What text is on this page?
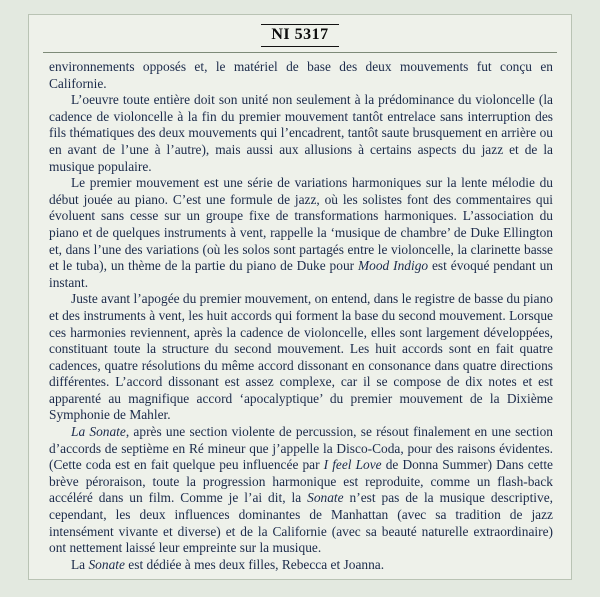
NI 5317

environnements opposés et, le matériel de base des deux mouvements fut conçu en Californie.

L’oeuvre toute entière doit son unité non seulement à la prédominance du violoncelle (la cadence de violoncelle à la fin du premier mouvement tantôt entrelace sans interruption des fils thématiques des deux mouvements qui l’encadrent, tantôt saute brusquement en arrière ou en avant de l’une à l’autre), mais aussi aux allusions à certains aspects du jazz et de la musique populaire.

Le premier mouvement est une série de variations harmoniques sur la lente mélodie du début jouée au piano. C’est une formule de jazz, où les solistes font des commentaires qui évoluent sans cesse sur un groupe fixe de transformations harmoniques. L’association du piano et de quelques instruments à vent, rappelle la ‘musique de chambre’ de Duke Ellington et, dans l’une des variations (où les solos sont partagés entre le violoncelle, la clarinette basse et le tuba), un thème de la partie du piano de Duke pour Mood Indigo est évoqué pendant un instant.

Juste avant l’apogée du premier mouvement, on entend, dans le registre de basse du piano et des instruments à vent, les huit accords qui forment la base du second mouvement. Lorsque ces harmonies reviennent, après la cadence de violoncelle, elles sont largement développées, constituant toute la structure du second mouvement. Les huit accords sont en fait quatre cadences, quatre résolutions du même accord dissonant en consonance dans quatre directions différentes. L’accord dissonant est assez complexe, car il se compose de dix notes et est apparenté au magnifique accord ‘apocalyptique’ du premier mouvement de la Dixième Symphonie de Mahler.

La Sonate, après une section violente de percussion, se résout finalement en une section d’accords de septième en Ré mineur que j’appelle la Disco-Coda, pour des raisons évidentes. (Cette coda est en fait quelque peu influencée par I feel Love de Donna Summer) Dans cette brève péroraison, toute la progression harmonique est reproduite, comme un flash-back accéléré dans un film. Comme je l’ai dit, la Sonate n’est pas de la musique descriptive, cependant, les deux influences dominantes de Manhattan (avec sa tradition de jazz intensément vivante et diverse) et de la Californie (avec sa beauté naturelle extraordinaire) ont nettement laissé leur empreinte sur la musique.

La Sonate est dédiée à mes deux filles, Rebecca et Joanna.
